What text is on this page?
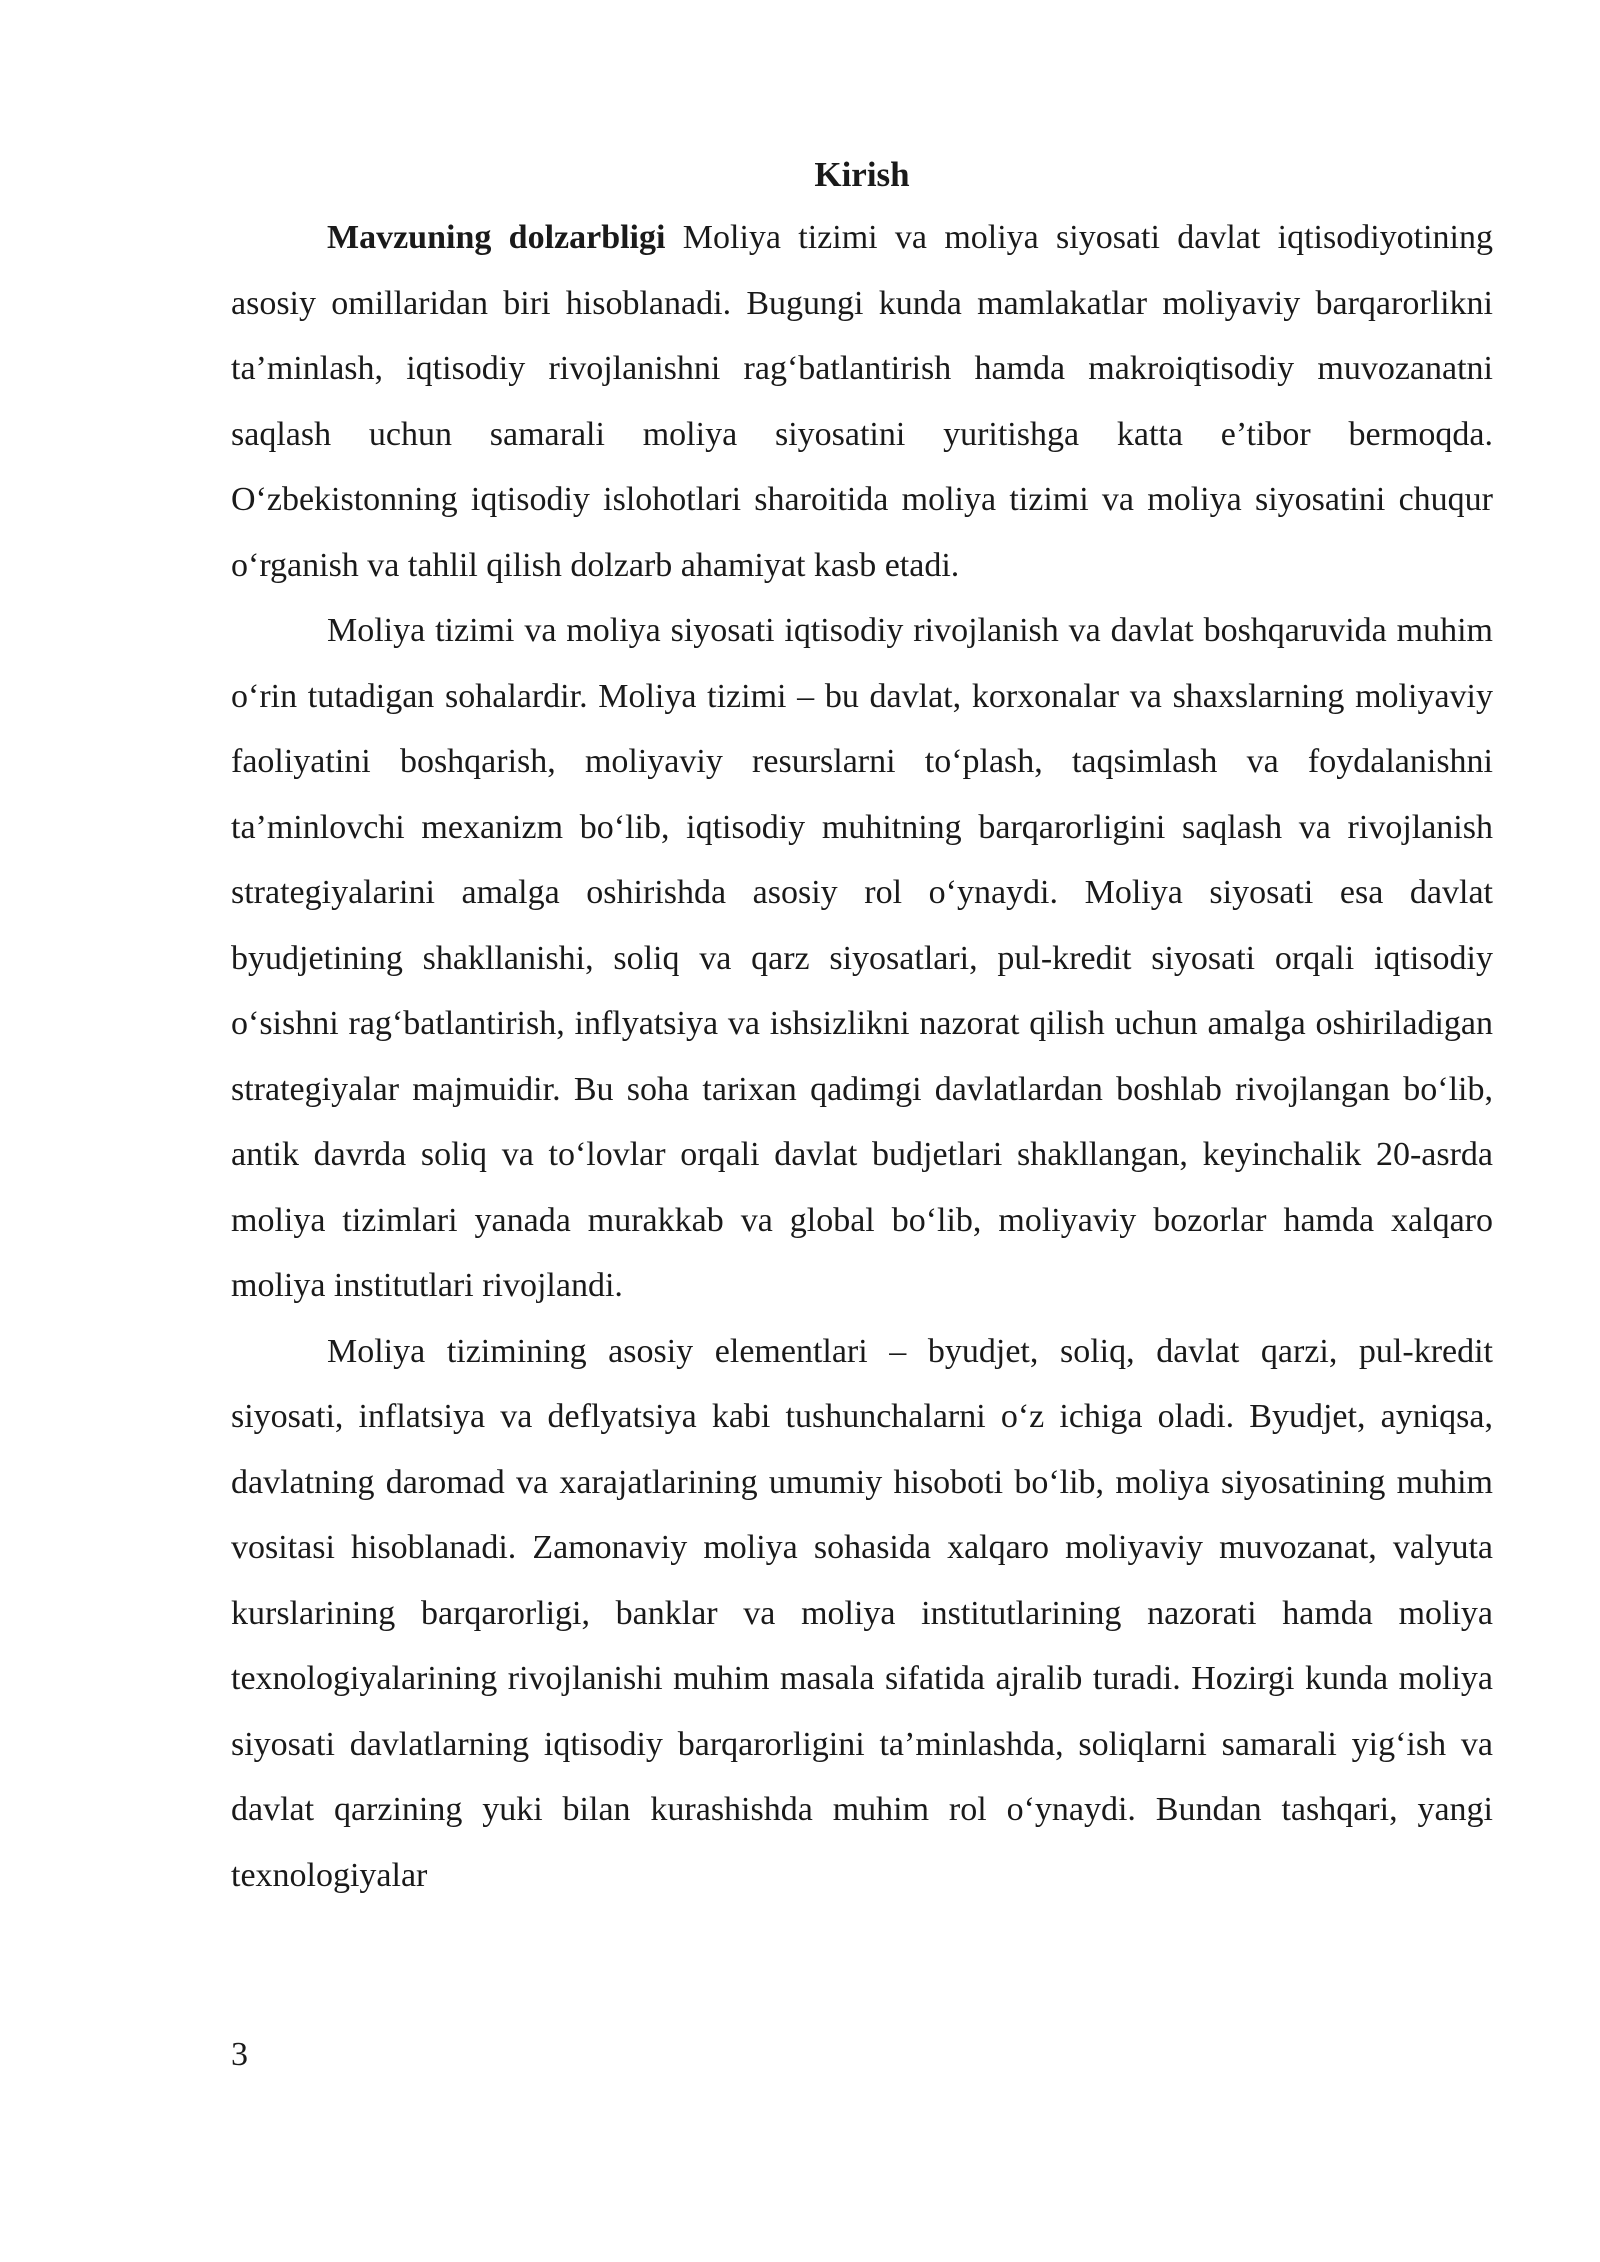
Kirish

Mavzuning dolzarbligi Moliya tizimi va moliya siyosati davlat iqtisodiyotining asosiy omillaridan biri hisoblanadi. Bugungi kunda mamlakatlar moliyaviy barqarorlikni ta’minlash, iqtisodiy rivojlanishni rag‘batlantirish hamda makroiqtisodiy muvozanatni saqlash uchun samarali moliya siyosatini yuritishga katta e’tibor bermoqda. O‘zbekistonning iqtisodiy islohotlari sharoitida moliya tizimi va moliya siyosatini chuqur o‘rganish va tahlil qilish dolzarb ahamiyat kasb etadi.

Moliya tizimi va moliya siyosati iqtisodiy rivojlanish va davlat boshqaruvida muhim o‘rin tutadigan sohalardir. Moliya tizimi – bu davlat, korxonalar va shaxslarning moliyaviy faoliyatini boshqarish, moliyaviy resurslarni to‘plash, taqsimlash va foydalanishni ta’minlovchi mexanizm bo‘lib, iqtisodiy muhitning barqarorligini saqlash va rivojlanish strategiyalarini amalga oshirishda asosiy rol o‘ynaydi. Moliya siyosati esa davlat byudjetining shakllanishi, soliq va qarz siyosatlari, pul-kredit siyosati orqali iqtisodiy o‘sishni rag‘batlantirish, inflyatsiya va ishsizlikni nazorat qilish uchun amalga oshiriladigan strategiyalar majmuidir. Bu soha tarixan qadimgi davlatlardan boshlab rivojlangan bo‘lib, antik davrda soliq va to‘lovlar orqali davlat budjetlari shakllangan, keyinchalik 20-asrda moliya tizimlari yanada murakkab va global bo‘lib, moliyaviy bozorlar hamda xalqaro moliya institutlari rivojlandi.

Moliya tizimining asosiy elementlari – byudjet, soliq, davlat qarzi, pul-kredit siyosati, inflatsiya va deflyatsiya kabi tushunchalarni o‘z ichiga oladi. Byudjet, ayniqsa, davlatning daromad va xarajatlarining umumiy hisoboti bo‘lib, moliya siyosatining muhim vositasi hisoblanadi. Zamonaviy moliya sohasida xalqaro moliyaviy muvozanat, valyuta kurslarining barqarorligi, banklar va moliya institutlarining nazorati hamda moliya texnologiyalarining rivojlanishi muhim masala sifatida ajralib turadi. Hozirgi kunda moliya siyosati davlatlarning iqtisodiy barqarorligini ta’minlashda, soliqlarni samarali yig‘ish va davlat qarzining yuki bilan kurashishda muhim rol o‘ynaydi. Bundan tashqari, yangi texnologiyalar

3
